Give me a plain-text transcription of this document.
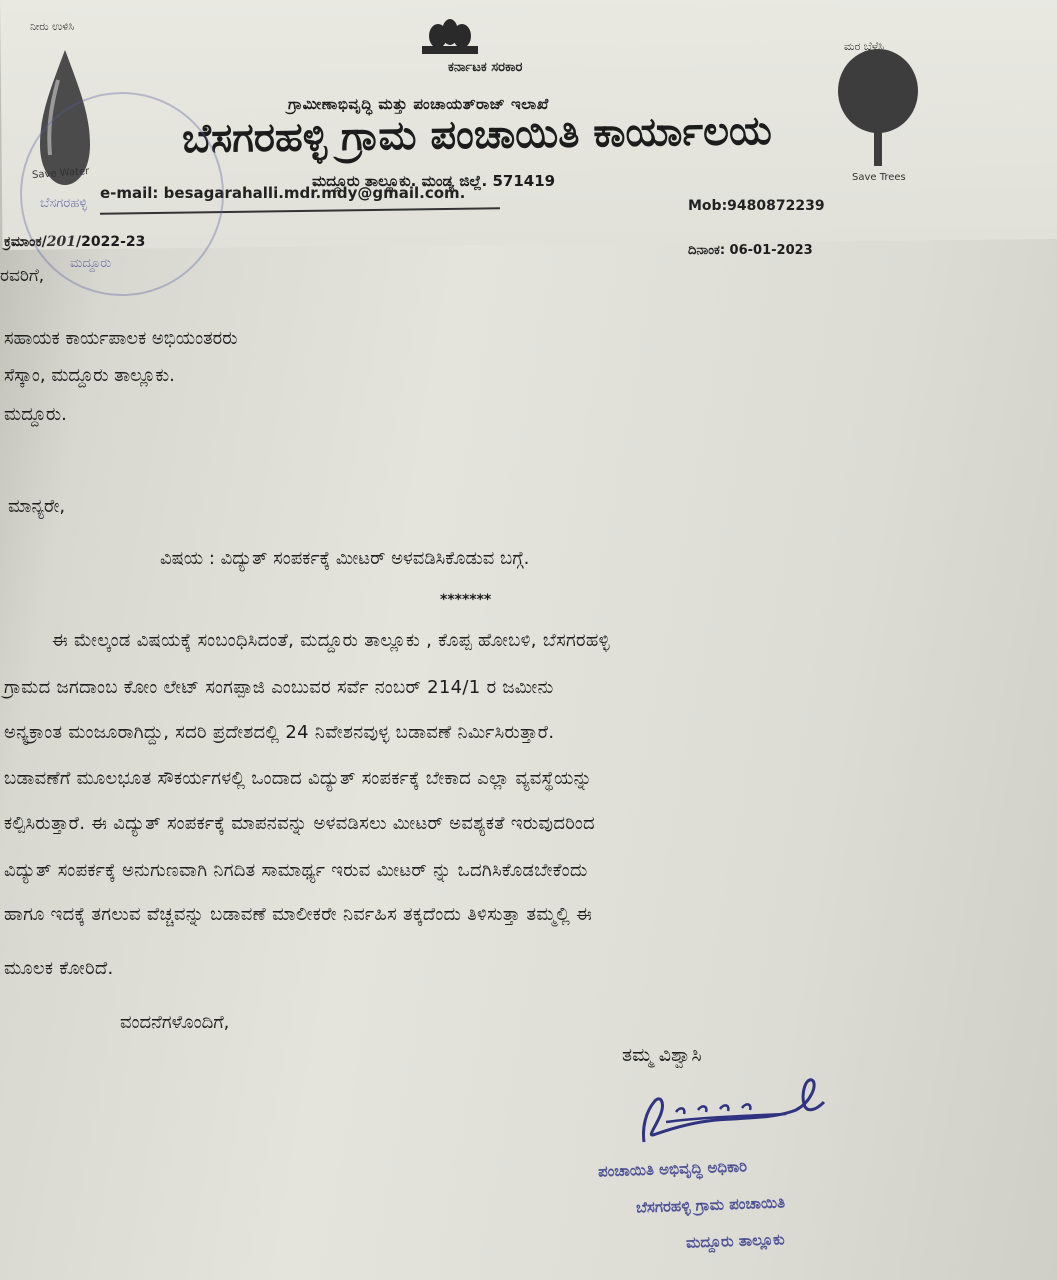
ನೀರು ಉಳಿಸಿ
Save Water
ಮರ ಬೆಳೆಸಿ
Save Trees
ಕರ್ನಾಟಕ ಸರಕಾರ
ಗ್ರಾಮೀಣಾಭಿವೃದ್ಧಿ ಮತ್ತು ಪಂಚಾಯತ್‌ರಾಜ್ ಇಲಾಖೆ
ಬೆಸಗರಹಳ್ಳಿ ಗ್ರಾಮ ಪಂಚಾಯಿತಿ ಕಾರ್ಯಾಲಯ
ಮದ್ದೂರು ತಾಲ್ಲೂಕು. ಮಂಡ್ಯ ಜಿಲ್ಲೆ. 571419
e-mail: besagarahalli.mdr.mdy@gmail.com.
Mob:9480872239
ಬೆಸಗರಹಳ್ಳಿ
ಮದ್ದೂರು
ಕ್ರಮಾಂಕ/201/2022-23
ದಿನಾಂಕ: 06-01-2023
ರವರಿಗೆ,
ಸಹಾಯಕ ಕಾರ್ಯಪಾಲಕ ಅಭಿಯಂತರರು
ಸೆಸ್ಕಾಂ, ಮದ್ದೂರು ತಾಲ್ಲೂಕು.
ಮದ್ದೂರು.
ಮಾನ್ಯರೇ,
ವಿಷಯ : ವಿದ್ಯುತ್ ಸಂಪರ್ಕಕ್ಕೆ ಮೀಟರ್ ಅಳವಡಿಸಿಕೊಡುವ ಬಗ್ಗೆ.
*******
ಈ ಮೇಲ್ಕಂಡ ವಿಷಯಕ್ಕೆ ಸಂಬಂಧಿಸಿದಂತೆ, ಮದ್ದೂರು ತಾಲ್ಲೂಕು , ಕೊಪ್ಪ ಹೋಬಳಿ, ಬೆಸಗರಹಳ್ಳಿ
ಗ್ರಾಮದ ಜಗದಾಂಬ ಕೋಂ ಲೇಟ್ ಸಂಗಪ್ಪಾಜಿ ಎಂಬುವರ ಸರ್ವೆ ನಂಬರ್ 214/1 ರ ಜಮೀನು
ಅನ್ಯಕ್ರಾಂತ ಮಂಜೂರಾಗಿದ್ದು, ಸದರಿ ಪ್ರದೇಶದಲ್ಲಿ 24 ನಿವೇಶನವುಳ್ಳ ಬಡಾವಣೆ ನಿರ್ಮಿಸಿರುತ್ತಾರೆ.
ಬಡಾವಣೆಗೆ ಮೂಲಭೂತ ಸೌಕರ್ಯಗಳಲ್ಲಿ ಒಂದಾದ ವಿದ್ಯುತ್ ಸಂಪರ್ಕಕ್ಕೆ ಬೇಕಾದ ಎಲ್ಲಾ ವ್ಯವಸ್ಥೆಯನ್ನು
ಕಲ್ಪಿಸಿರುತ್ತಾರೆ. ಈ ವಿದ್ಯುತ್ ಸಂಪರ್ಕಕ್ಕೆ ಮಾಪನವನ್ನು ಅಳವಡಿಸಲು ಮೀಟರ್ ಅವಶ್ಯಕತೆ ಇರುವುದರಿಂದ
ವಿದ್ಯುತ್ ಸಂಪರ್ಕಕ್ಕೆ ಅನುಗುಣವಾಗಿ ನಿಗದಿತ ಸಾಮಾರ್ಥ್ಯ ಇರುವ ಮೀಟರ್ ನ್ನು ಒದಗಿಸಿಕೊಡಬೇಕೆಂದು
ಹಾಗೂ ಇದಕ್ಕೆ ತಗಲುವ ವೆಚ್ಚವನ್ನು ಬಡಾವಣೆ ಮಾಲೀಕರೇ ನಿರ್ವಹಿಸ ತಕ್ಕದೆಂದು ತಿಳಿಸುತ್ತಾ ತಮ್ಮಲ್ಲಿ ಈ
ಮೂಲಕ ಕೋರಿದೆ.
ವಂದನೆಗಳೊಂದಿಗೆ,
ತಮ್ಮ ವಿಶ್ವಾಸಿ
ಪಂಚಾಯಿತಿ ಅಭಿವೃದ್ಧಿ ಅಧಿಕಾರಿ
ಬೆಸಗರಹಳ್ಳಿ ಗ್ರಾಮ ಪಂಚಾಯಿತಿ
ಮದ್ದೂರು ತಾಲ್ಲೂಕು
